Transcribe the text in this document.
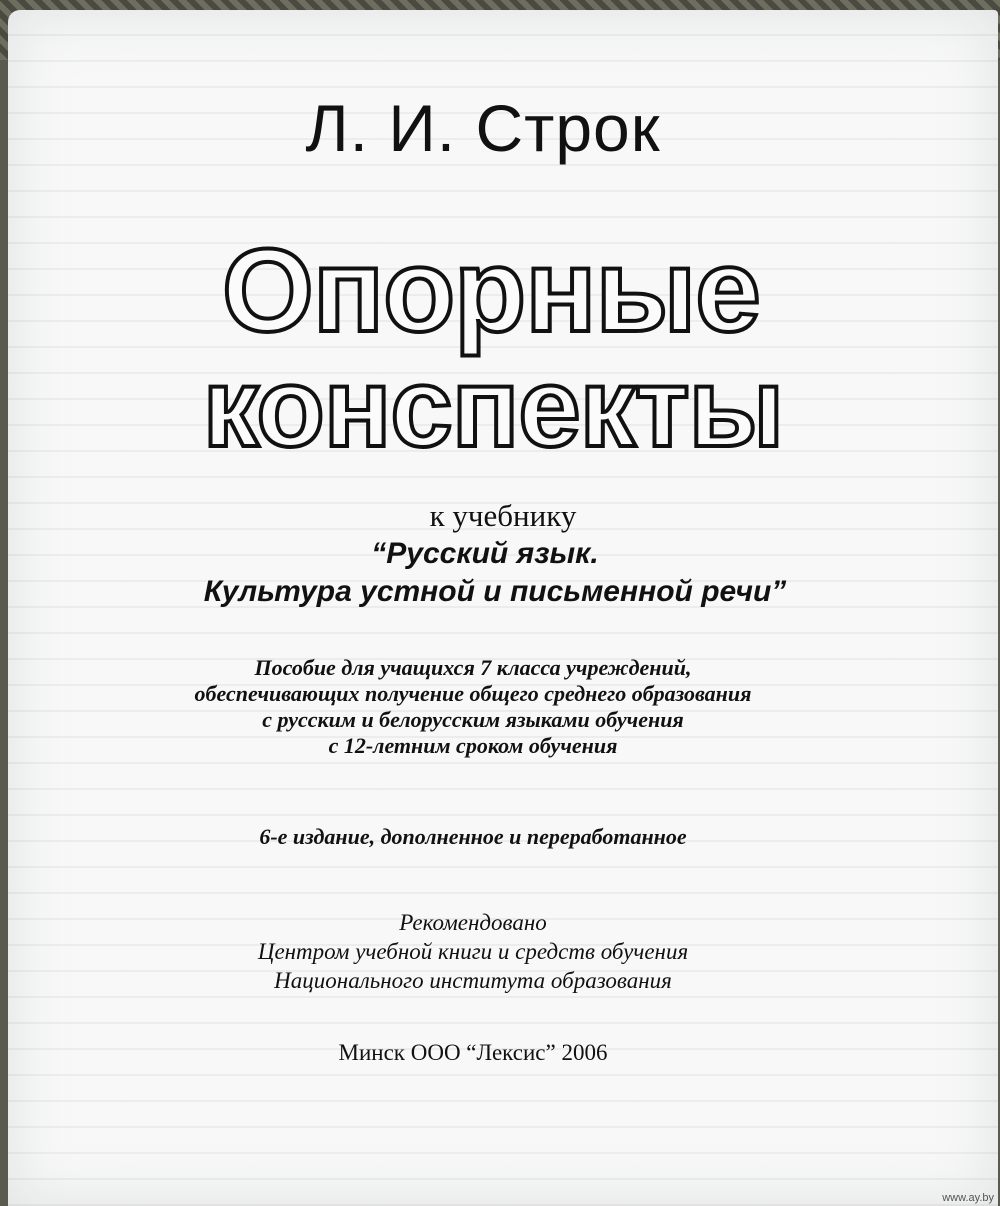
Л. И. Строк
Опорные
конспекты
к учебнику
“Русский язык.
Культура устной и письменной речи”
Пособие для учащихся 7 класса учреждений,
обеспечивающих получение общего среднего образования
с русским и белорусским языками обучения
с 12-летним сроком обучения
6-е издание, дополненное и переработанное
Рекомендовано
Центром учебной книги и средств обучения
Национального института образования
Минск ООО “Лексис” 2006
www.ay.by
